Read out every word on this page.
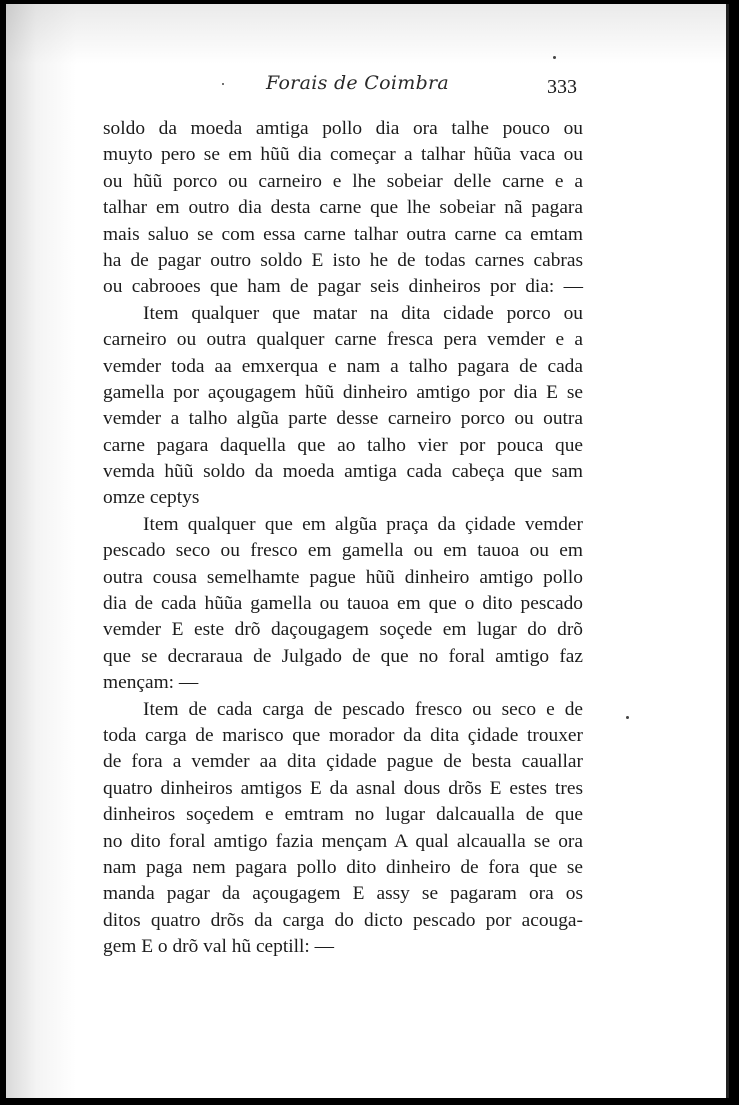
Forais de Coimbra	333
soldo da moeda amtiga pollo dia ora talhe pouco ou
muyto pero se em hũũ dia começar a talhar hũũa vaca ou
ou hũũ porco ou carneiro e lhe sobeiar delle carne e a
talhar em outro dia desta carne que lhe sobeiar nã pagara
mais saluo se com essa carne talhar outra carne ca emtam
ha de pagar outro soldo E isto he de todas carnes cabras
ou cabrooes que ham de pagar seis dinheiros por dia: —
Item qualquer que matar na dita cidade porco ou
carneiro ou outra qualquer carne fresca pera vemder e a
vemder toda aa emxerqua e nam a talho pagara de cada
gamella por açougagem hũũ dinheiro amtigo por dia E se
vemder a talho algũa parte desse carneiro porco ou outra
carne pagara daquella que ao talho vier por pouca que
vemda hũũ soldo da moeda amtiga cada cabeça que sam
omze ceptys
Item qualquer que em algũa praça da çidade vemder
pescado seco ou fresco em gamella ou em tauoa ou em
outra cousa semelhamte pague hũũ dinheiro amtigo pollo
dia de cada hũũa gamella ou tauoa em que o dito pescado
vemder E este drõ daçougagem soçede em lugar do drõ
que se decraraua de Julgado de que no foral amtigo faz
mençam: —
Item de cada carga de pescado fresco ou seco e de
toda carga de marisco que morador da dita çidade trouxer
de fora a vemder aa dita çidade pague de besta cauallar
quatro dinheiros amtigos E da asnal dous drõs E estes tres
dinheiros soçedem e emtram no lugar dalcaualla de que
no dito foral amtigo fazia mençam A qual alcaualla se ora
nam paga nem pagara pollo dito dinheiro de fora que se
manda pagar da açougagem E assy se pagaram ora os
ditos quatro drõs da carga do dicto pescado por acouga-
gem E o drõ val hũ ceptill: —
